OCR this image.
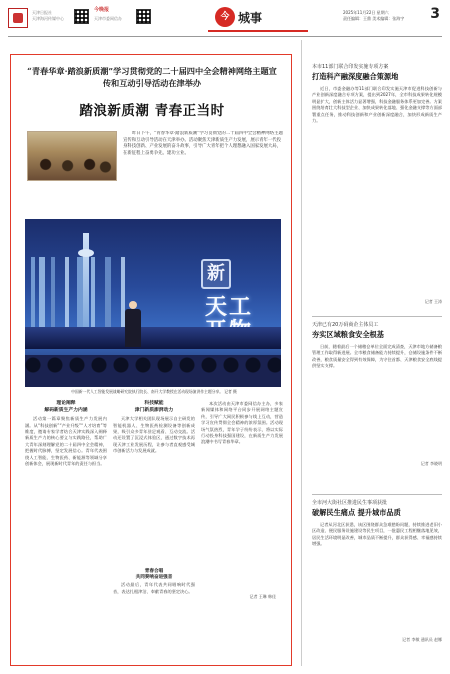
天津日报社
天津海河传媒中心
今晚报
天津市委网信办	今 城事	2025年11月22日 星期六
责任编辑：王鼎 美术编辑：张海宇 3
“青春华章·踏浪新质潮”学习贯彻党的二十届四中全会精神网络主题宣传和互动引导活动在津举办
踏浪新质潮 青春正当时
昨日下午，“青春华章·踏浪新质潮”学习贯彻党的二十届四中全会精神网络主题宣传和互动引导活动在天津举办。活动聚焦天津新质生产力发展，展示青年一代投身科技创新、产业发展的奋斗故事，引导广大青年把个人理想融入国家发展大局，在新征程上奋勇争先、建功立业。
新
天工
中国新一代人工智能发展战略研究院执行院长、南开大学教授在活动现场演讲作主题分享。 记者 摄
理论阐释
解码新质生产力内涵
活动第一篇章聚焦新质生产力发展内涵。从“科技创新”“产业升级”“人才培育”等维度，邀请专家学者结合天津实践深入阐释新质生产力的核心要义与实践路径，帮助广大青年深刻理解党的二十届四中全会精神，把握时代脉搏，坚定发展信心。青年代表围绕人工智能、生物医药、新能源等领域分享创新体会，展现新时代青年的责任与担当。
科技赋能
津门新质澎湃动力
天津大学相关团队现场展示自主研发的智能机器人、生物医药检测设备等创新成果，吸引众多青年驻足观看、互动交流。活动还设置了沉浸式体验区，通过数字技术再现天津工业发展历程，让参与者直观感受城市创新活力与发展成就。
青春合唱
共同奏响奋进强音
活动最后，青年代表共同唱响时代强音，表达扎根津沽、奉献青春的坚定决心。
本次活动由天津市委网信办主办，多家新闻媒体和网络平台同步开展网络主题宣传，引导广大网民积极参与线上互动，营造学习宣传贯彻全会精神的浓厚氛围。活动现场气氛热烈，青年学子纷纷表示，将以实际行动投身科技强国建设，在新质生产力发展浪潮中书写青春华章。
记者 王琳 韩佳
本市11部门联合印发实施专项方案
打造科产融深度融合策源地
近日，市委金融办等11部门联合印发实施天津市促进科技创新与产业创新深度融合专项方案，提出到2027年，全市科技成果转化规模明显扩大，创新主体活力显著增强，科技金融服务体系更加完善。方案围绕培育壮大科技型企业、加快成果转化落地、强化金融支撑等方面部署重点任务，推动科技创新和产业创新深度融合，加快形成新质生产力。
记者 王涛
天津已有20万码商企主体员工
夯实区域粮食安全根基
日前，随着最后一个储粮仓单位全面完成清查，天津市地方储备粮管理工作取得新进展。全市粮食储备能力持续提升，仓储设施条件不断改善，粮食质量安全得到有效保障，为守住首都、天津粮食安全底线提供坚实支撑。
记者 李晓明
全市河大街社区推进民生事项获批
破解民生痛点 提升城市品质
记者从河北区获悉，该区围绕群众急难愁盼问题，持续推进老旧小区改造、便民服务设施建设等民生项目，一批惠民工程相继落地见效，居民生活环境明显改善，城市品质不断提升，群众获得感、幸福感持续增强。
记者 李敏 通讯员 赵娜
